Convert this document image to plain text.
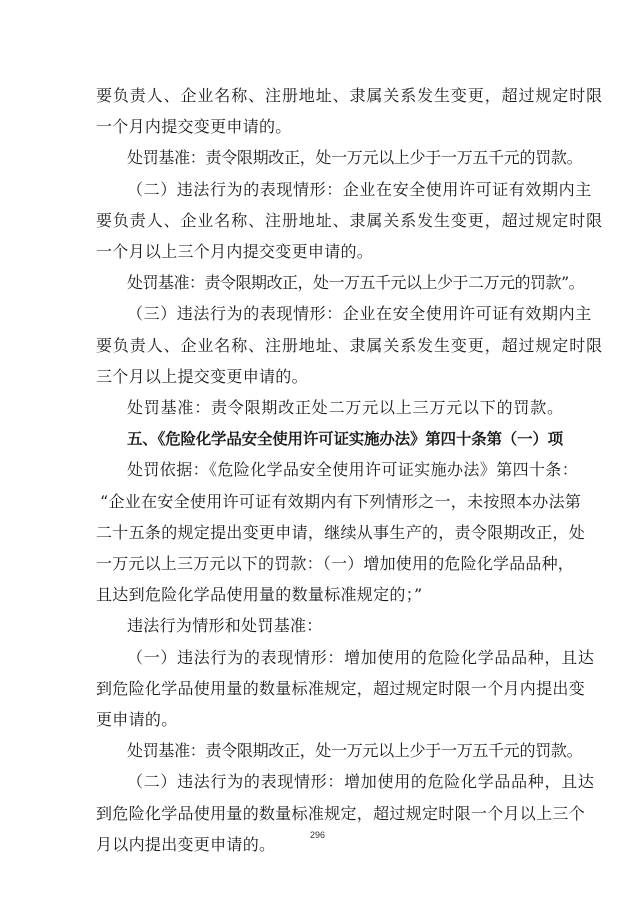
要负责人、企业名称、注册地址、隶属关系发生变更，超过规定时限
一个月内提交变更申请的。
处罚基准：责令限期改正，处一万元以上少于一万五千元的罚款。
（二）违法行为的表现情形：企业在安全使用许可证有效期内主
要负责人、企业名称、注册地址、隶属关系发生变更，超过规定时限
一个月以上三个月内提交变更申请的。
处罚基准：责令限期改正，处一万五千元以上少于二万元的罚款”。
（三）违法行为的表现情形：企业在安全使用许可证有效期内主
要负责人、企业名称、注册地址、隶属关系发生变更，超过规定时限
三个月以上提交变更申请的。
处罚基准：责令限期改正处二万元以上三万元以下的罚款。
五、《危险化学品安全使用许可证实施办法》第四十条第（一）项
处罚依据：《危险化学品安全使用许可证实施办法》第四十条：
“企业在安全使用许可证有效期内有下列情形之一，未按照本办法第
二十五条的规定提出变更申请，继续从事生产的，责令限期改正，处
一万元以上三万元以下的罚款：（一）增加使用的危险化学品品种，
且达到危险化学品使用量的数量标准规定的；”
违法行为情形和处罚基准：
（一）违法行为的表现情形：增加使用的危险化学品品种，且达
到危险化学品使用量的数量标准规定，超过规定时限一个月内提出变
更申请的。
处罚基准：责令限期改正，处一万元以上少于一万五千元的罚款。
（二）违法行为的表现情形：增加使用的危险化学品品种，且达
到危险化学品使用量的数量标准规定，超过规定时限一个月以上三个
月以内提出变更申请的。	296
